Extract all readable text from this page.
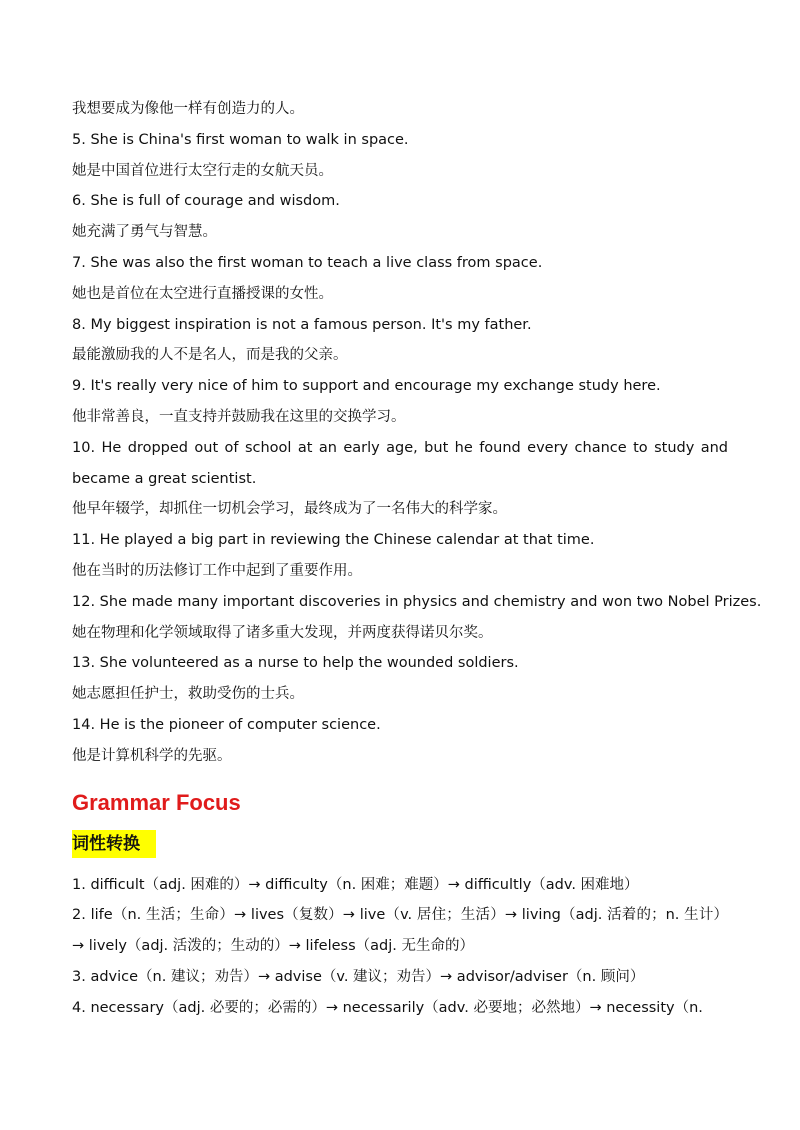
我想要成为像他一样有创造力的人。
5. She is China's first woman to walk in space.
她是中国首位进行太空行走的女航天员。
6. She is full of courage and wisdom.
她充满了勇气与智慧。
7. She was also the first woman to teach a live class from space.
她也是首位在太空进行直播授课的女性。
8. My biggest inspiration is not a famous person. It's my father.
最能激励我的人不是名人，而是我的父亲。
9. It's really very nice of him to support and encourage my exchange study here.
他非常善良，一直支持并鼓励我在这里的交换学习。
10. He dropped out of school at an early age, but he found every chance to study and became a great scientist.
他早年辍学，却抓住一切机会学习，最终成为了一名伟大的科学家。
11. He played a big part in reviewing the Chinese calendar at that time.
他在当时的历法修订工作中起到了重要作用。
12. She made many important discoveries in physics and chemistry and won two Nobel Prizes.
她在物理和化学领域取得了诸多重大发现，并两度获得诺贝尔奖。
13. She volunteered as a nurse to help the wounded soldiers.
她志愿担任护士，救助受伤的士兵。
14. He is the pioneer of computer science.
他是计算机科学的先驱。
Grammar Focus
词性转换
1. difficult（adj. 困难的）→ difficulty（n. 困难；难题）→ difficultly（adv. 困难地）
2. life（n. 生活；生命）→ lives（复数）→ live（v. 居住；生活）→ living（adj. 活着的；n. 生计）→ lively（adj. 活泼的；生动的）→ lifeless（adj. 无生命的）
3. advice（n. 建议；劝告）→ advise（v. 建议；劝告）→ advisor/adviser（n. 顾问）
4. necessary（adj. 必要的；必需的）→ necessarily（adv. 必要地；必然地）→ necessity（n.
